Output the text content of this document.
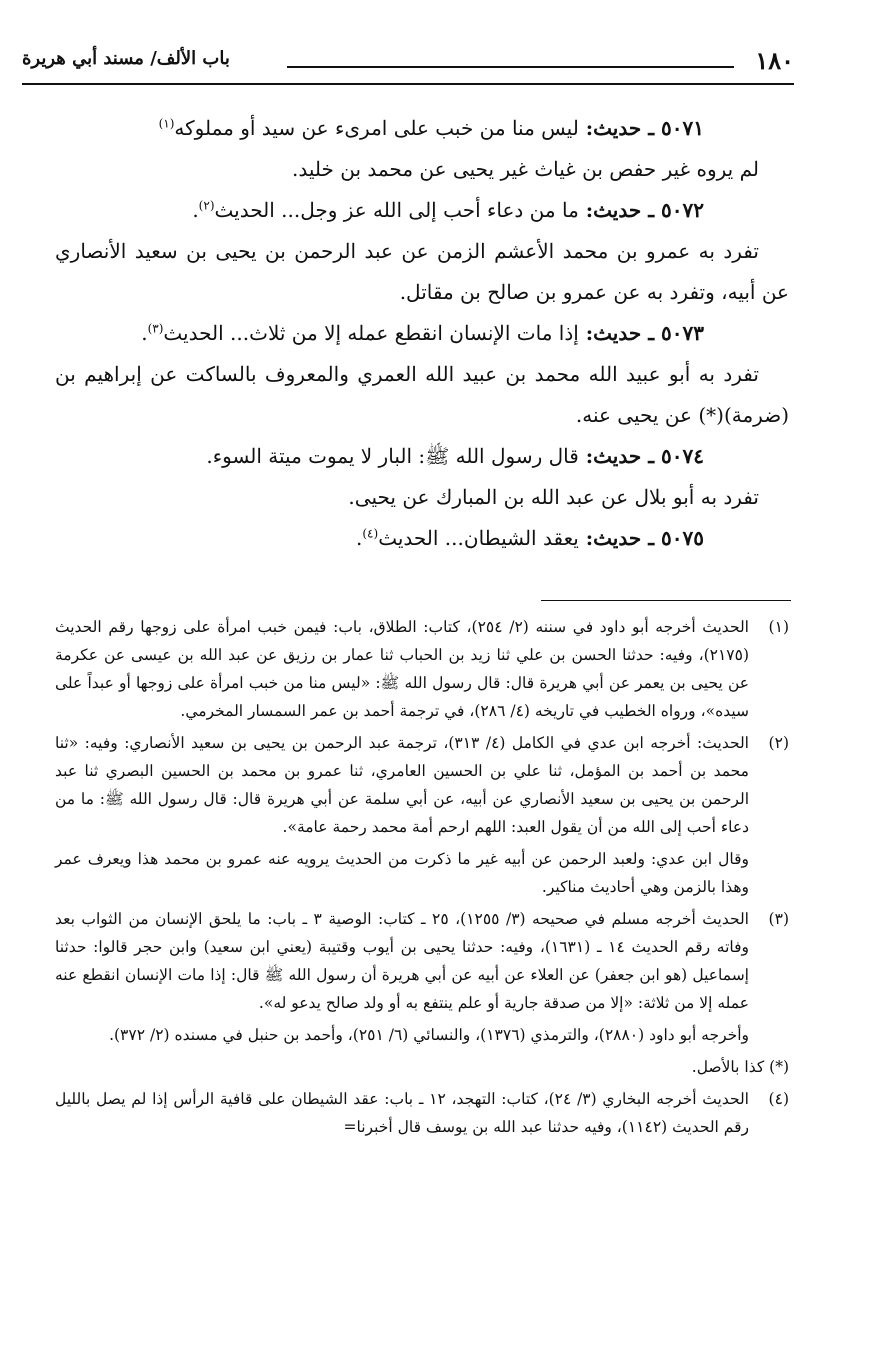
١٨٠
باب الألف/ مسند أبي هريرة

٥٠٧١ ـ حديث: ليس منا من خبب على امرىء عن سيد أو مملوكه$^{(١)}$

لم يروه غير حفص بن غياث غير يحيى عن محمد بن خليد.

٥٠٧٢ ـ حديث: ما من دعاء أحب إلى الله عز وجل... الحديث$^{(٢)}$.

تفرد به عمرو بن محمد الأعشم الزمن عن عبد الرحمن بن يحيى بن سعيد الأنصاري عن أبيه، وتفرد به عن عمرو بن صالح بن مقاتل.

٥٠٧٣ ـ حديث: إذا مات الإنسان انقطع عمله إلا من ثلاث... الحديث$^{(٣)}$.

تفرد به أبو عبيد الله محمد بن عبيد الله العمري والمعروف بالساكت عن إبراهيم بن (ضرمة)(*) عن يحيى عنه.

٥٠٧٤ ـ حديث: قال رسول الله ﷺ: البار لا يموت ميتة السوء.

تفرد به أبو بلال عن عبد الله بن المبارك عن يحيى.

٥٠٧٥ ـ حديث: يعقد الشيطان... الحديث$^{(٤)}$.

(١)

الحديث أخرجه أبو داود في سننه (٢/ ٢٥٤)، كتاب: الطلاق، باب: فيمن خبب امرأة على زوجها رقم الحديث (٢١٧٥)، وفيه: حدثنا الحسن بن علي ثنا زيد بن الحباب ثنا عمار بن رزيق عن عبد الله بن عيسى عن عكرمة عن يحيى بن يعمر عن أبي هريرة قال: قال رسول الله ﷺ: «ليس منا من خبب امرأة على زوجها أو عبداً على سيده»، ورواه الخطيب في تاريخه (٤/ ٢٨٦)، في ترجمة أحمد بن عمر السمسار المخرمي.

(٢)

الحديث: أخرجه ابن عدي في الكامل (٤/ ٣١٣)، ترجمة عبد الرحمن بن يحيى بن سعيد الأنصاري: وفيه: «ثنا محمد بن أحمد بن المؤمل، ثنا علي بن الحسين العامري، ثنا عمرو بن محمد بن الحسين البصري ثنا عبد الرحمن بن يحيى بن سعيد الأنصاري عن أبيه، عن أبي سلمة عن أبي هريرة قال: قال رسول الله ﷺ: ما من دعاء أحب إلى الله من أن يقول العبد: اللهم ارحم أمة محمد رحمة عامة».

وقال ابن عدي: ولعبد الرحمن عن أبيه غير ما ذكرت من الحديث يرويه عنه عمرو بن محمد هذا ويعرف عمر وهذا بالزمن وهي أحاديث مناكير.

(٣)

الحديث أخرجه مسلم في صحيحه (٣/ ١٢٥٥)، ٢٥ ـ كتاب: الوصية ٣ ـ باب: ما يلحق الإنسان من الثواب بعد وفاته رقم الحديث ١٤ ـ (١٦٣١)، وفيه: حدثنا يحيى بن أيوب وقتيبة (يعني ابن سعيد) وابن حجر قالوا: حدثنا إسماعيل (هو ابن جعفر) عن العلاء عن أبيه عن أبي هريرة أن رسول الله ﷺ قال: إذا مات الإنسان انقطع عنه عمله إلا من ثلاثة: «إلا من صدقة جارية أو علم ينتفع به أو ولد صالح يدعو له».

وأخرجه أبو داود (٢٨٨٠)، والترمذي (١٣٧٦)، والنسائي (٦/ ٢٥١)، وأحمد بن حنبل في مسنده (٢/ ٣٧٢).

(*) كذا بالأصل.

(٤)

الحديث أخرجه البخاري (٣/ ٢٤)، كتاب: التهجد، ١٢ ـ باب: عقد الشيطان على قافية الرأس إذا لم يصل بالليل رقم الحديث (١١٤٢)، وفيه حدثنا عبد الله بن يوسف قال أخبرنا=
